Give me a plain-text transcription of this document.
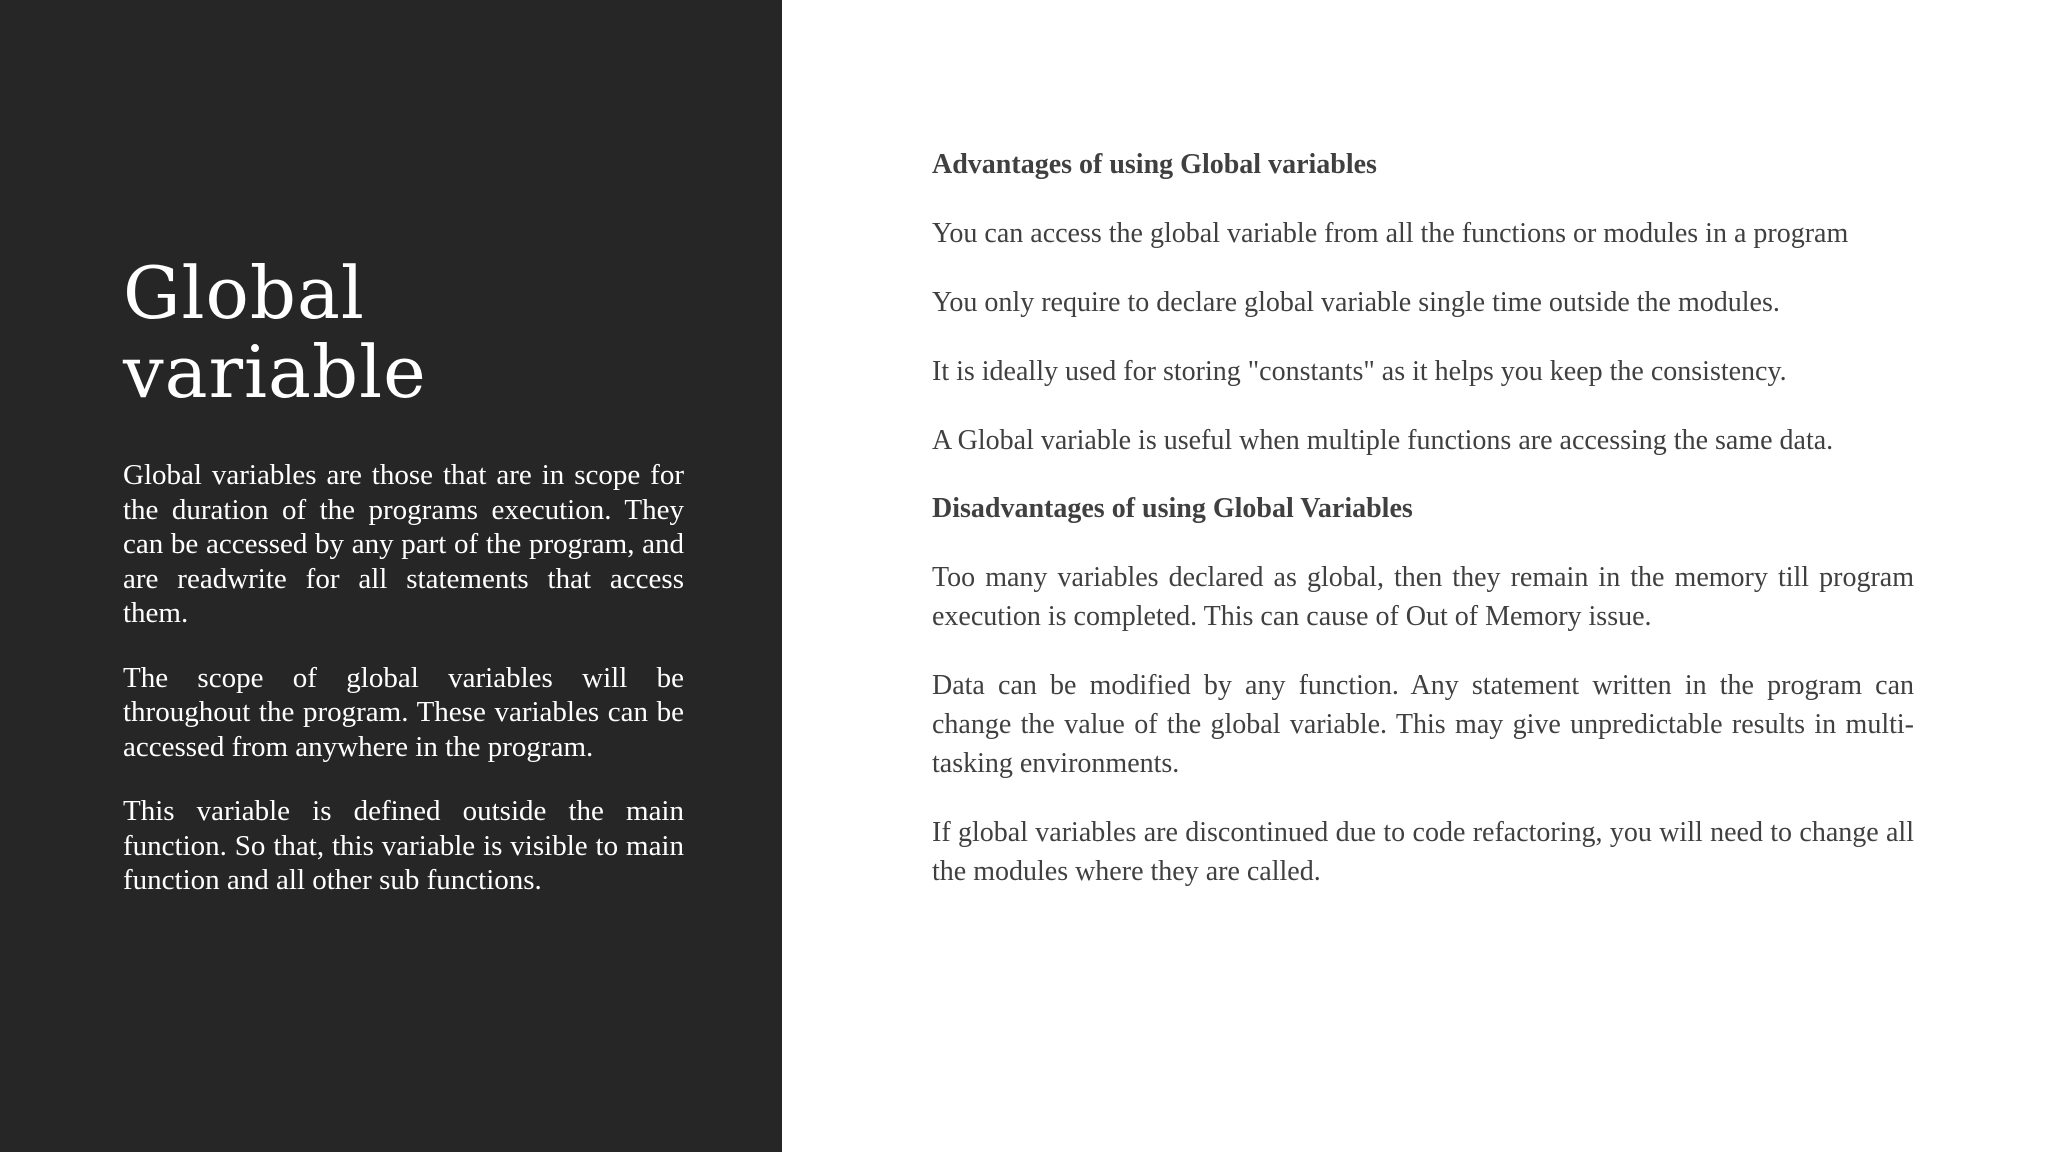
Global variable

Global variables are those that are in scope for the duration of the programs execution. They can be accessed by any part of the program, and are readwrite for all statements that access them.

The scope of global variables will be throughout the program. These variables can be accessed from anywhere in the program.

This variable is defined outside the main function. So that, this variable is visible to main function and all other sub functions.

Advantages of using Global variables

You can access the global variable from all the functions or modules in a program

You only require to declare global variable single time outside the modules.

It is ideally used for storing "constants" as it helps you keep the consistency.

A Global variable is useful when multiple functions are accessing the same data.

Disadvantages of using Global Variables

Too many variables declared as global, then they remain in the memory till program execution is completed. This can cause of Out of Memory issue.

Data can be modified by any function. Any statement written in the program can change the value of the global variable. This may give unpredictable results in multi-tasking environments.

If global variables are discontinued due to code refactoring, you will need to change all the modules where they are called.
